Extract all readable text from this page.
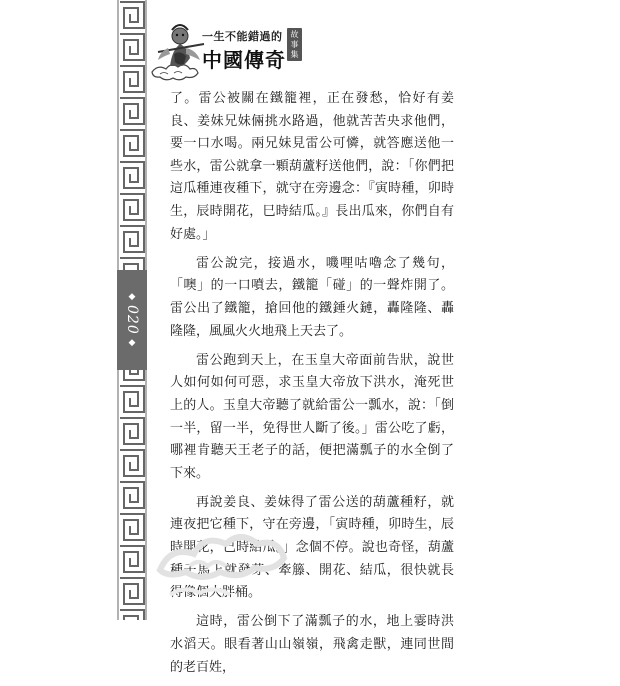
◆
020
◆
一生不能錯過的
中國傳奇
故
事
集

了。雷公被關在鐵籠裡，正在發愁，恰好有姜良、姜妹兄妹倆挑水路過，他就苦苦央求他們，要一口水喝。兩兄妹見雷公可憐，就答應送他一些水，雷公就拿一顆葫蘆籽送他們，說：「你們把這瓜種連夜種下，就守在旁邊念：『寅時種，卯時生，辰時開花，巳時結瓜。』長出瓜來，你們自有好處。」

雷公說完，接過水，嘰哩咕嚕念了幾句，「噢」的一口噴去，鐵籠「碰」的一聲炸開了。雷公出了鐵籠，搶回他的鐵錘火鏈，轟隆隆、轟隆隆，風風火火地飛上天去了。

雷公跑到天上，在玉皇大帝面前告狀，說世人如何如何可惡，求玉皇大帝放下洪水，淹死世上的人。玉皇大帝聽了就給雷公一瓢水，說：「倒一半，留一半，免得世人斷了後。」雷公吃了虧，哪裡肯聽天王老子的話，便把滿瓢子的水全倒了下來。

再說姜良、姜妹得了雷公送的葫蘆種籽，就連夜把它種下，守在旁邊，「寅時種，卯時生，辰時開花，巳時結瓜。」念個不停。說也奇怪，葫蘆種子馬上就發芽、牽籐、開花、結瓜，很快就長得像個大胖桶。

這時，雷公倒下了滿瓢子的水，地上霎時洪水滔天。眼看著山山嶺嶺，飛禽走獸，連同世間的老百姓，
